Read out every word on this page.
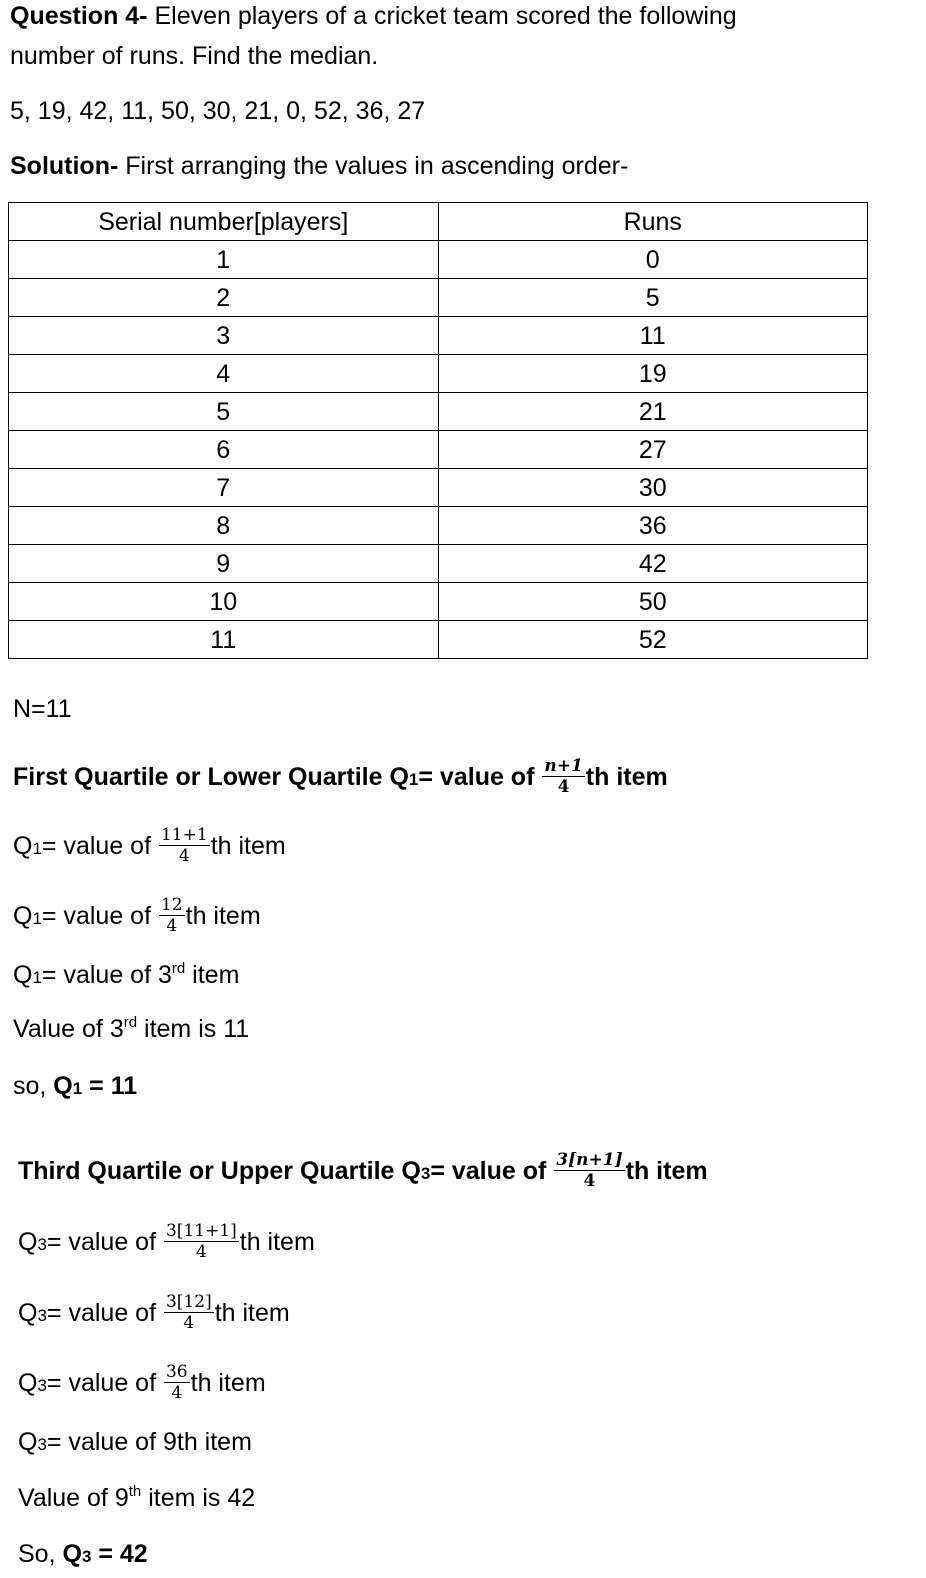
Question 4- Eleven players of a cricket team scored the following
number of runs. Find the median.
5, 19, 42, 11, 50, 30, 21, 0, 52, 36, 27
Solution- First arranging the values in ascending order-
Serial number[players]	Runs
1	0
2	5
3	11
4	19
5	21
6	27
7	30
8	36
9	42
10	50
11	52
N=11
First Quartile or Lower Quartile Q1= value of $\frac{n+1}{4}$ th item
Q1= value of $\frac{11+1}{4}$ th item
Q1= value of $\frac{12}{4}$ th item
Q1= value of 3rd item
Value of 3rd item is 11
so, Q1 = 11
Third Quartile or Upper Quartile Q3= value of $\frac{3[n+1]}{4}$ th item
Q3= value of $\frac{3[11+1]}{4}$ th item
Q3= value of $\frac{3[12]}{4}$ th item
Q3= value of $\frac{36}{4}$ th item
Q3= value of 9th item
Value of 9th item is 42
So, Q3 = 42
